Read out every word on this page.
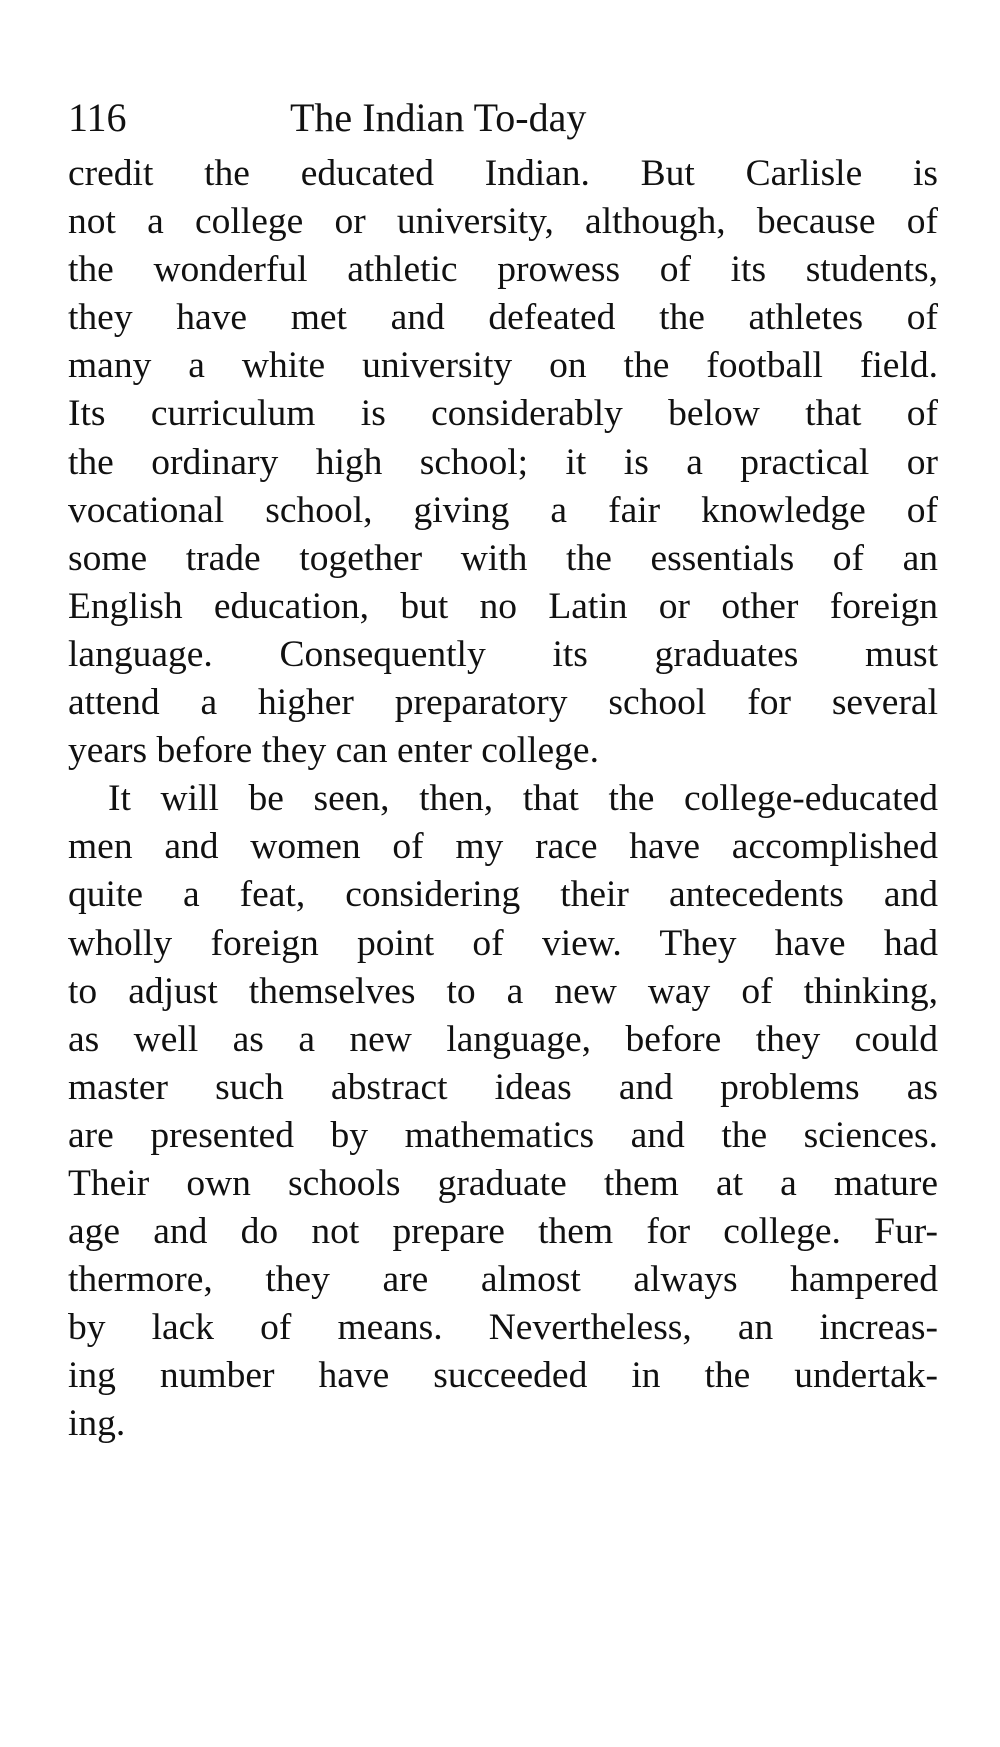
116	The Indian To-day
credit the educated Indian. But Carlisle is
not a college or university, although, because of
the wonderful athletic prowess of its students,
they have met and defeated the athletes of
many a white university on the football field.
Its curriculum is considerably below that of
the ordinary high school; it is a practical or
vocational school, giving a fair knowledge of
some trade together with the essentials of an
English education, but no Latin or other foreign
language. Consequently its graduates must
attend a higher preparatory school for several
years before they can enter college.
It will be seen, then, that the college-educated
men and women of my race have accomplished
quite a feat, considering their antecedents and
wholly foreign point of view. They have had
to adjust themselves to a new way of thinking,
as well as a new language, before they could
master such abstract ideas and problems as
are presented by mathematics and the sciences.
Their own schools graduate them at a mature
age and do not prepare them for college. Fur-
thermore, they are almost always hampered
by lack of means. Nevertheless, an increas-
ing number have succeeded in the undertak-
ing.
